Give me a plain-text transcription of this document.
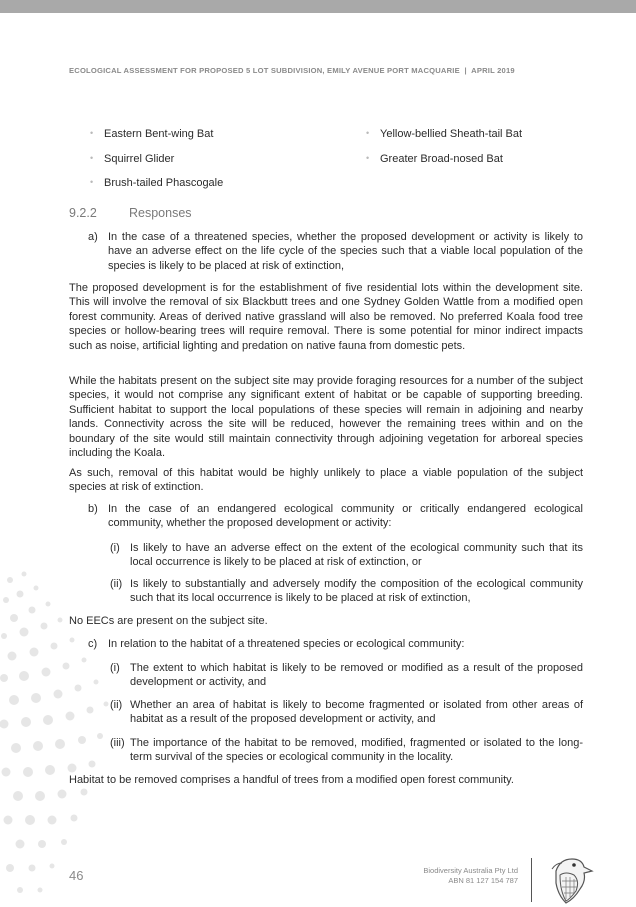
ECOLOGICAL ASSESSMENT FOR PROPOSED 5 LOT SUBDIVISION, EMILY AVENUE PORT MACQUARIE | APRIL 2019
• Eastern Bent-wing Bat
• Squirrel Glider
• Brush-tailed Phascogale
• Yellow-bellied Sheath-tail Bat
• Greater Broad-nosed Bat
9.2.2	Responses
a) In the case of a threatened species, whether the proposed development or activity is likely to have an adverse effect on the life cycle of the species such that a viable local population of the species is likely to be placed at risk of extinction,
The proposed development is for the establishment of five residential lots within the development site. This will involve the removal of six Blackbutt trees and one Sydney Golden Wattle from a modified open forest community. Areas of derived native grassland will also be removed. No preferred Koala food tree species or hollow-bearing trees will require removal. There is some potential for minor indirect impacts such as noise, artificial lighting and predation on native fauna from domestic pets.
While the habitats present on the subject site may provide foraging resources for a number of the subject species, it would not comprise any significant extent of habitat or be capable of supporting breeding. Sufficient habitat to support the local populations of these species will remain in adjoining and nearby lands. Connectivity across the site will be reduced, however the remaining trees within and on the boundary of the site would still maintain connectivity through adjoining vegetation for arboreal species including the Koala.
As such, removal of this habitat would be highly unlikely to place a viable population of the subject species at risk of extinction.
b) In the case of an endangered ecological community or critically endangered ecological community, whether the proposed development or activity:
(i) Is likely to have an adverse effect on the extent of the ecological community such that its local occurrence is likely to be placed at risk of extinction, or
(ii) Is likely to substantially and adversely modify the composition of the ecological community such that its local occurrence is likely to be placed at risk of extinction,
No EECs are present on the subject site.
c) In relation to the habitat of a threatened species or ecological community:
(i) The extent to which habitat is likely to be removed or modified as a result of the proposed development or activity, and
(ii) Whether an area of habitat is likely to become fragmented or isolated from other areas of habitat as a result of the proposed development or activity, and
(iii) The importance of the habitat to be removed, modified, fragmented or isolated to the long-term survival of the species or ecological community in the locality.
Habitat to be removed comprises a handful of trees from a modified open forest community.
46	Biodiversity Australia Pty Ltd
ABN 81 127 154 787
